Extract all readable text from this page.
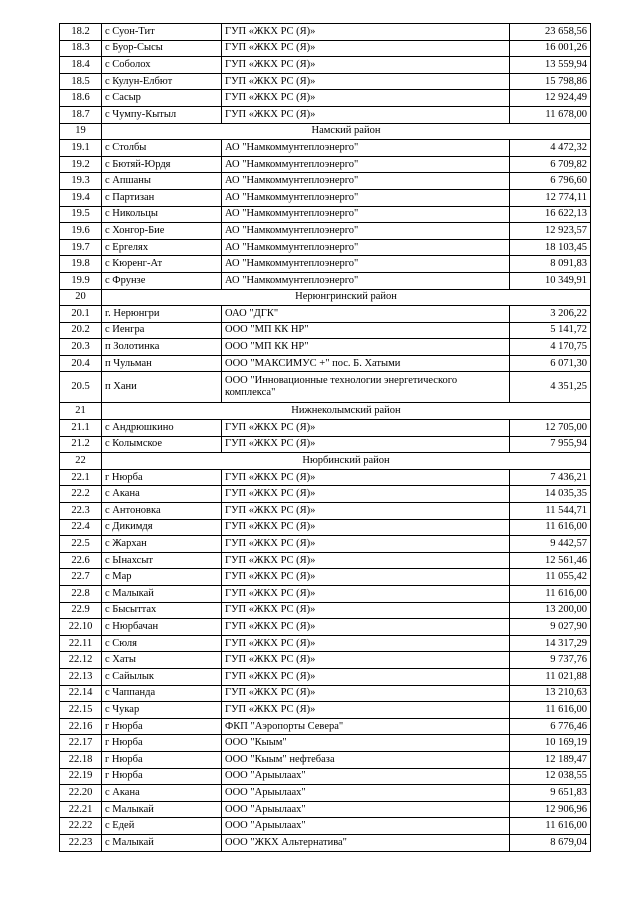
18.2	с Суон-Тит	ГУП «ЖКХ РС (Я)»	23 658,56
18.3	с Буор-Сысы	ГУП «ЖКХ РС (Я)»	16 001,26
18.4	с Соболох	ГУП «ЖКХ РС (Я)»	13 559,94
18.5	с Кулун-Елбют	ГУП «ЖКХ РС (Я)»	15 798,86
18.6	с Сасыр	ГУП «ЖКХ РС (Я)»	12 924,49
18.7	с Чумпу-Кытыл	ГУП «ЖКХ РС (Я)»	11 678,00
19	Намский район		
19.1	с Столбы	АО "Намкоммунтеплоэнерго"	4 472,32
19.2	с Бютяй-Юрдя	АО "Намкоммунтеплоэнерго"	6 709,82
19.3	с Апшаны	АО "Намкоммунтеплоэнерго"	6 796,60
19.4	с Партизан	АО "Намкоммунтеплоэнерго"	12 774,11
19.5	с Никольцы	АО "Намкоммунтеплоэнерго"	16 622,13
19.6	с Хонгор-Бие	АО "Намкоммунтеплоэнерго"	12 923,57
19.7	с Ергелях	АО "Намкоммунтеплоэнерго"	18 103,45
19.8	с Кюренг-Ат	АО "Намкоммунтеплоэнерго"	8 091,83
19.9	с Фрунзе	АО "Намкоммунтеплоэнерго"	10 349,91
20	Нерюнгринский район		
20.1	г. Нерюнгри	ОАО "ДГК"	3 206,22
20.2	с Иенгра	ООО "МП КК НР"	5 141,72
20.3	п Золотинка	ООО "МП КК НР"	4 170,75
20.4	п Чульман	ООО "МАКСИМУС +" пос. Б. Хатыми	6 071,30
20.5	п Хани	ООО "Инновационные технологии энергетического комплекса"	4 351,25
21	Нижнеколымский район		
21.1	с Андрюшкино	ГУП «ЖКХ РС (Я)»	12 705,00
21.2	с Колымское	ГУП «ЖКХ РС (Я)»	7 955,94
22	Нюрбинский район		
22.1	г Нюрба	ГУП «ЖКХ РС (Я)»	7 436,21
22.2	с Акана	ГУП «ЖКХ РС (Я)»	14 035,35
22.3	с Антоновка	ГУП «ЖКХ РС (Я)»	11 544,71
22.4	с Дикимдя	ГУП «ЖКХ РС (Я)»	11 616,00
22.5	с Жархан	ГУП «ЖКХ РС (Я)»	9 442,57
22.6	с Ынахсыт	ГУП «ЖКХ РС (Я)»	12 561,46
22.7	с Мар	ГУП «ЖКХ РС (Я)»	11 055,42
22.8	с Малыкай	ГУП «ЖКХ РС (Я)»	11 616,00
22.9	с Бысыттах	ГУП «ЖКХ РС (Я)»	13 200,00
22.10	с Нюрбачан	ГУП «ЖКХ РС (Я)»	9 027,90
22.11	с Сюля	ГУП «ЖКХ РС (Я)»	14 317,29
22.12	с Хаты	ГУП «ЖКХ РС (Я)»	9 737,76
22.13	с Сайылык	ГУП «ЖКХ РС (Я)»	11 021,88
22.14	с Чаппанда	ГУП «ЖКХ РС (Я)»	13 210,63
22.15	с Чукар	ГУП «ЖКХ РС (Я)»	11 616,00
22.16	г Нюрба	ФКП "Аэропорты Севера"	6 776,46
22.17	г Нюрба	ООО "Кыым"	10 169,19
22.18	г Нюрба	ООО "Кыым" нефтебаза	12 189,47
22.19	г Нюрба	ООО "Арыылаах"	12 038,55
22.20	с Акана	ООО "Арыылаах"	9 651,83
22.21	с Малыкай	ООО "Арыылаах"	12 906,96
22.22	с Едей	ООО "Арыылаах"	11 616,00
22.23	с Малыкай	ООО "ЖКХ Альтернатива"	8 679,04
